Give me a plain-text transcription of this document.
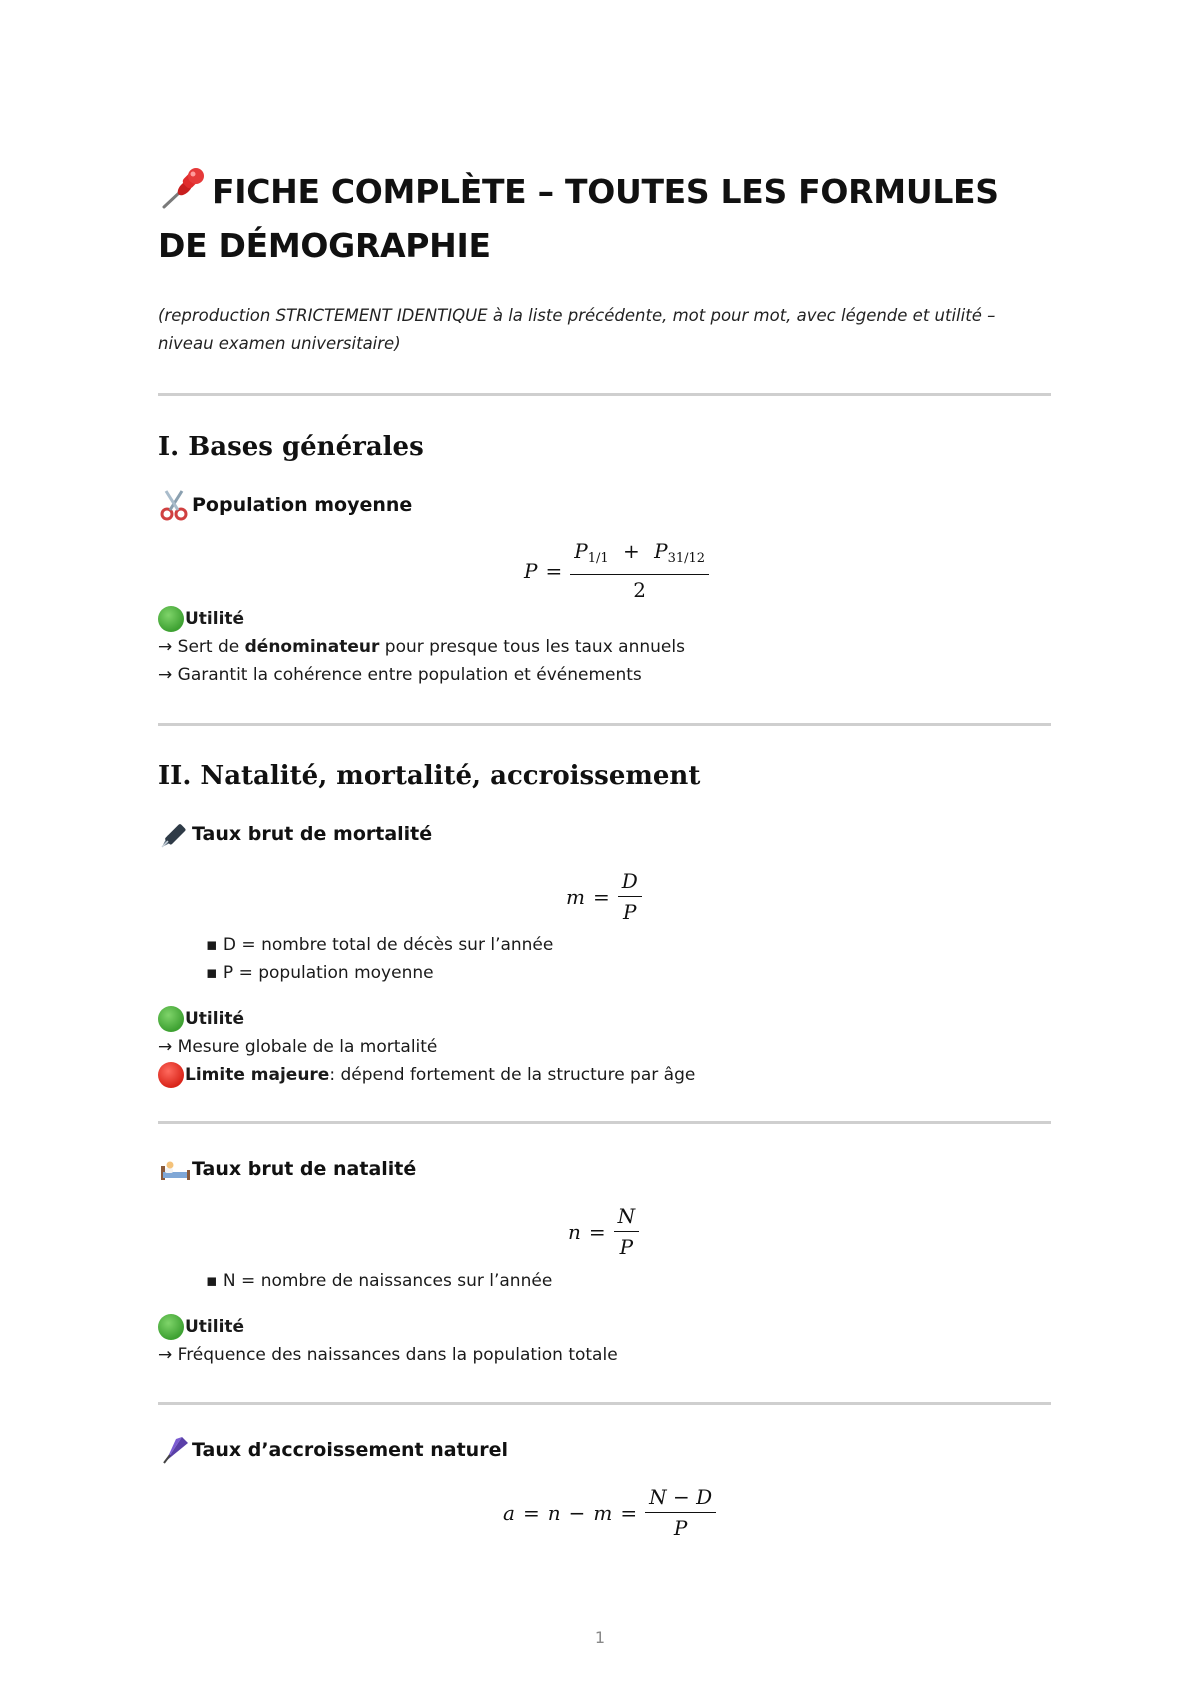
FICHE COMPLÈTE – TOUTES LES FORMULES DE DÉMOGRAPHIE
(reproduction STRICTEMENT IDENTIQUE à la liste précédente, mot pour mot, avec légende et utilité – niveau examen universitaire)
I. Bases générales
Population moyenne
$P = \frac{P_{1/1} + P_{31/12}}{2}$
Utilité
→ Sert de dénominateur pour presque tous les taux annuels
→ Garantit la cohérence entre population et événements
II. Natalité, mortalité, accroissement
Taux brut de mortalité
$m = \frac{D}{P}$
▪ D = nombre total de décès sur l’année
▪ P = population moyenne
Utilité
→ Mesure globale de la mortalité
Limite majeure : dépend fortement de la structure par âge
Taux brut de natalité
$n = \frac{N}{P}$
▪ N = nombre de naissances sur l’année
Utilité
→ Fréquence des naissances dans la population totale
Taux d’accroissement naturel
$a = n - m = \frac{N - D}{P}$
1
